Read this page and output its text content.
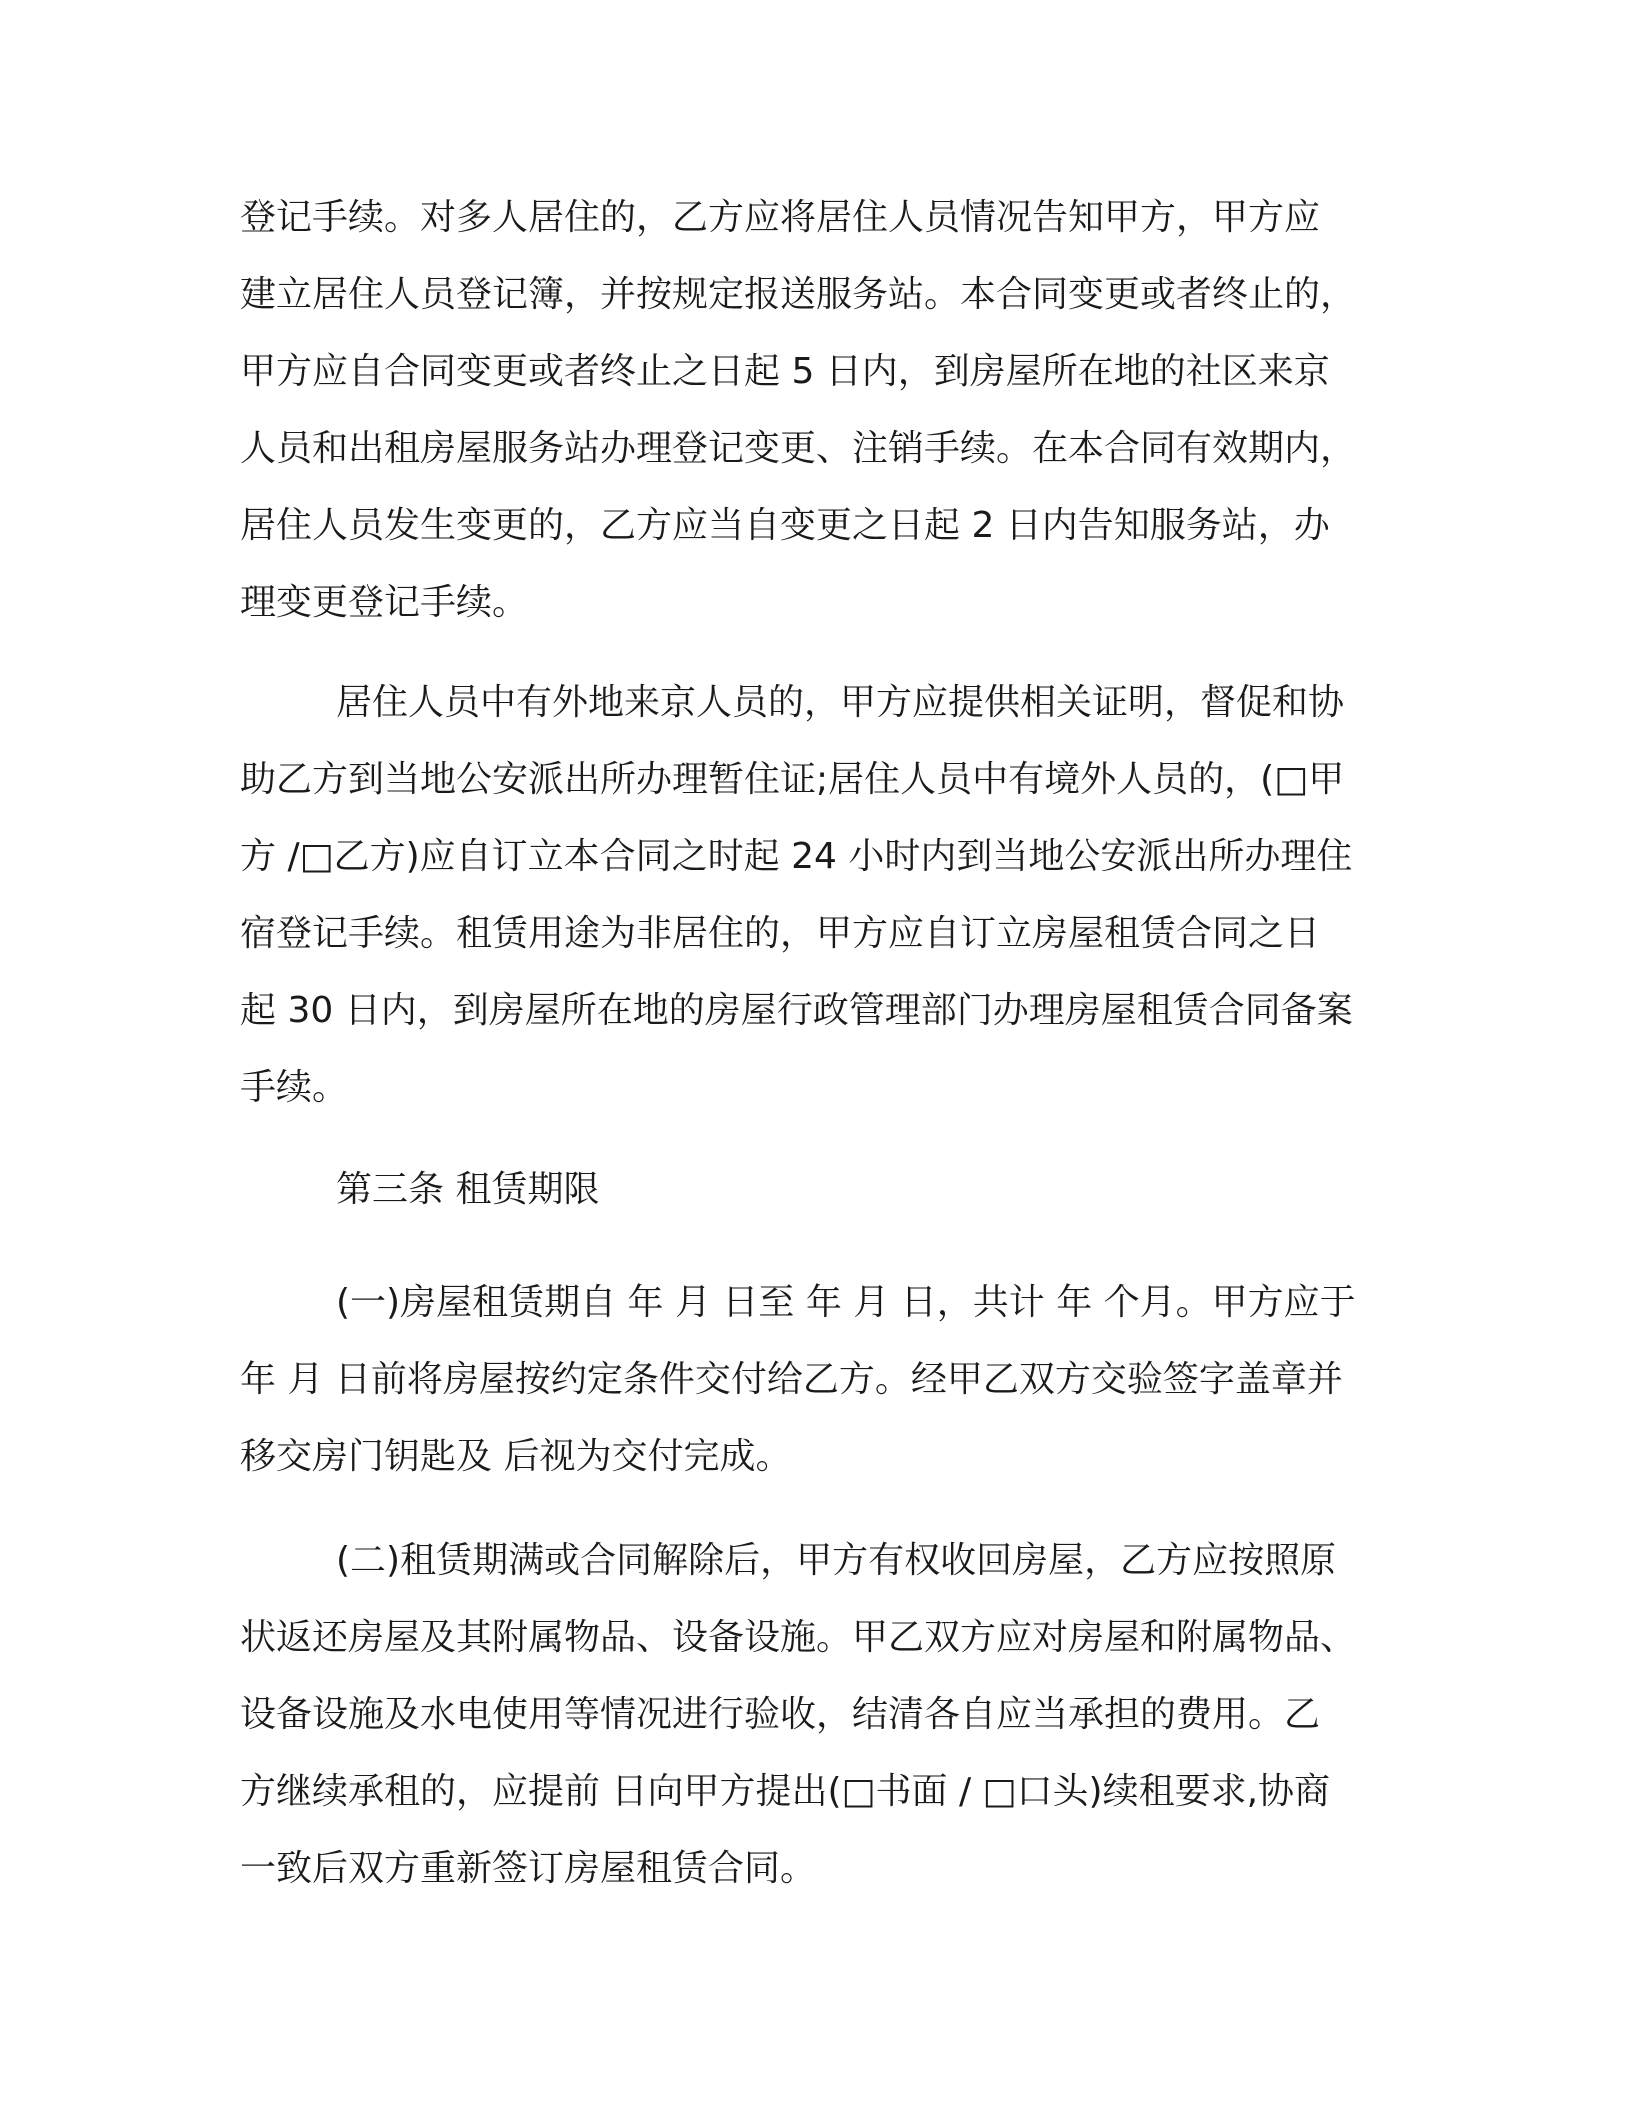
登记手续。对多人居住的，乙方应将居住人员情况告知甲方，甲方应
建立居住人员登记簿，并按规定报送服务站。本合同变更或者终止的，
甲方应自合同变更或者终止之日起 5 日内，到房屋所在地的社区来京
人员和出租房屋服务站办理登记变更、注销手续。在本合同有效期内，
居住人员发生变更的，乙方应当自变更之日起 2 日内告知服务站，办
理变更登记手续。
居住人员中有外地来京人员的，甲方应提供相关证明，督促和协
助乙方到当地公安派出所办理暂住证;居住人员中有境外人员的，(□甲
方 /□乙方)应自订立本合同之时起 24 小时内到当地公安派出所办理住
宿登记手续。租赁用途为非居住的，甲方应自订立房屋租赁合同之日
起 30 日内，到房屋所在地的房屋行政管理部门办理房屋租赁合同备案
手续。
第三条 租赁期限
(一)房屋租赁期自 年 月 日至 年 月 日，共计 年 个月。甲方应于
年 月 日前将房屋按约定条件交付给乙方。经甲乙双方交验签字盖章并
移交房门钥匙及 后视为交付完成。
(二)租赁期满或合同解除后，甲方有权收回房屋，乙方应按照原
状返还房屋及其附属物品、设备设施。甲乙双方应对房屋和附属物品、
设备设施及水电使用等情况进行验收，结清各自应当承担的费用。乙
方继续承租的，应提前 日向甲方提出(□书面 / □口头)续租要求,协商
一致后双方重新签订房屋租赁合同。
